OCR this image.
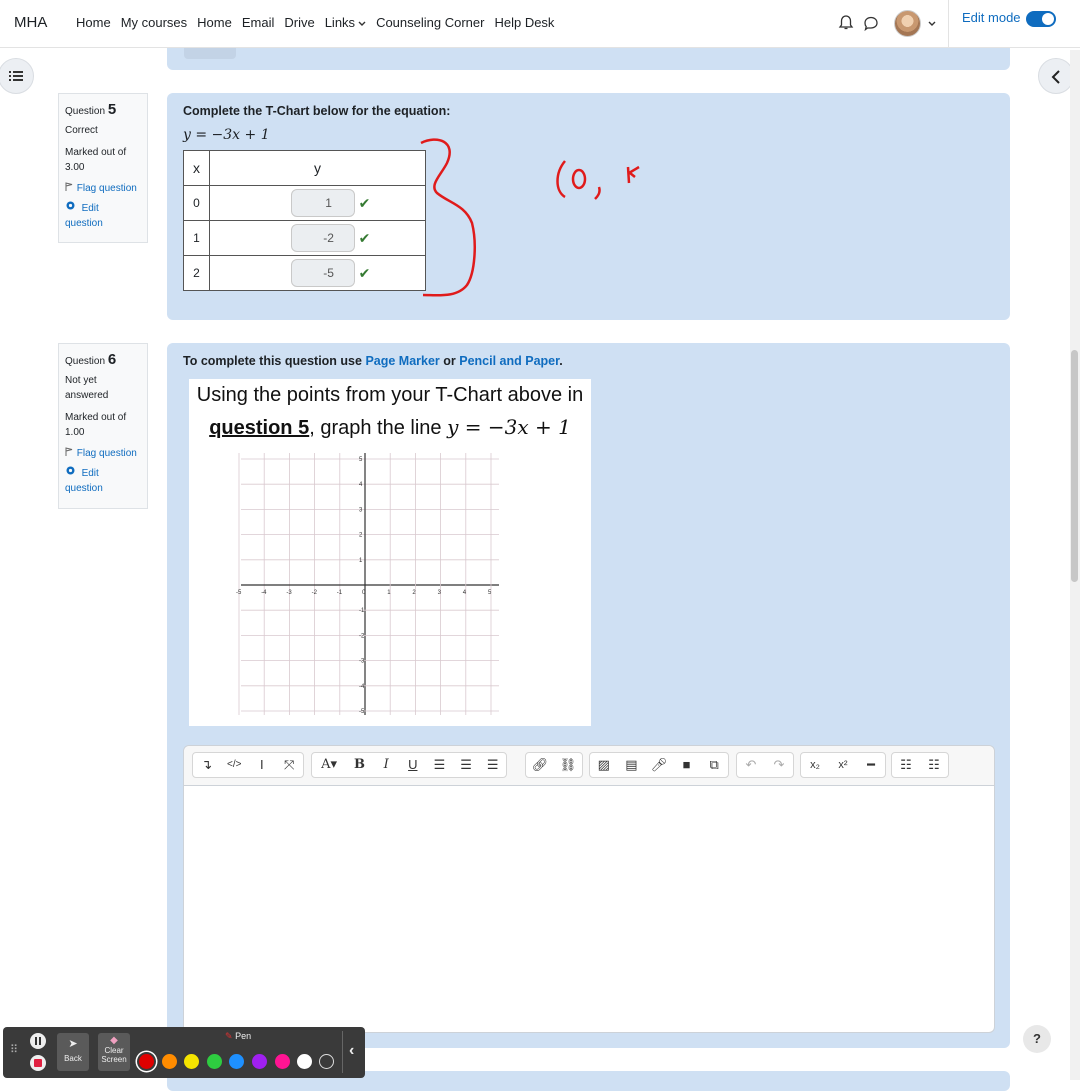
MHA Home My courses Home Email Drive Links	Counseling Corner Help Desk	Edit mode
Question 5
Correct
Marked out of
3.00
Flag question
Edit
question
Complete the T-Chart below for the equation:
y = −3x + 1
x	y
0	1 ✔
1	-2 ✔
2	-5 ✔
Question 6
Not yet
answered
Marked out of
1.00
Flag question
Edit
question
To complete this question use Page Marker or Pencil and Paper.
Using the points from your T-Chart above in
question 5, graph the line y = −3x + 1
-5	-4	-3	-2	-1	0	1	2	3	4	5
5
4
3
2
1
-1
-2
-3
-4
-5
↴	</>	I	⤧	A▾	B	I	U	☰	☰	☰	🔗︎ ⛓︎	▨	▤	🎤︎	■	⧉	↶	↷	x₂	x²	━	☷	☷
⠿	➤
Back
◆
Clear
Screen
✎ Pen
‹
?
